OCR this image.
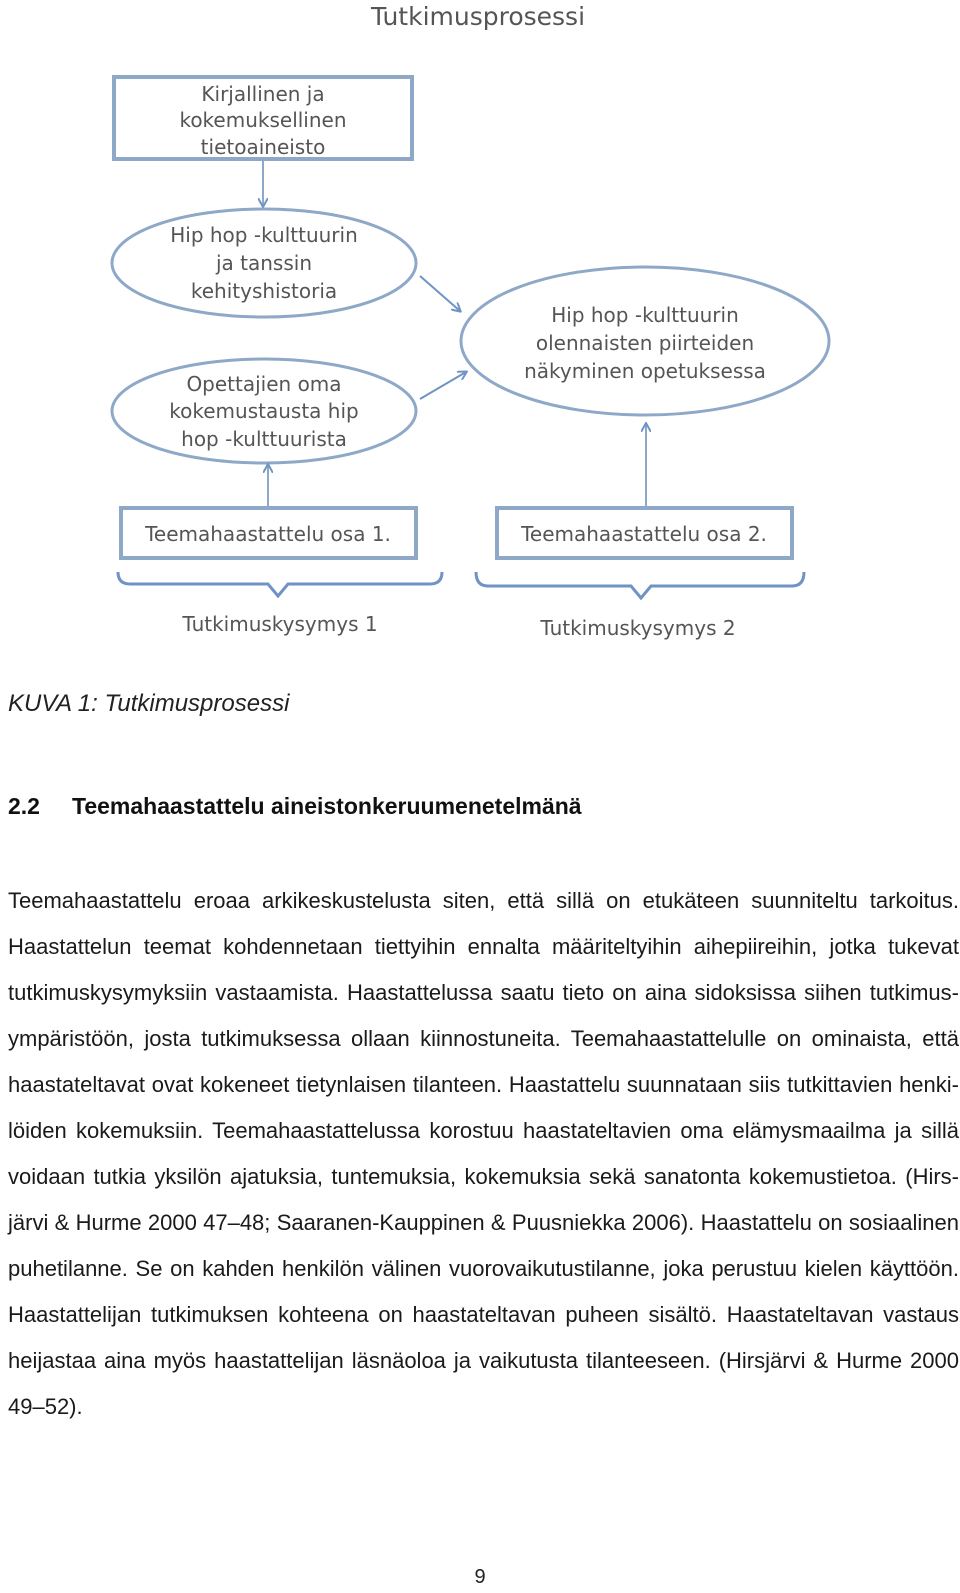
Tutkimusprosessi
Kirjallinen ja
kokemuksellinen
tietoaineisto
Hip hop -kulttuurin
ja tanssin
kehityshistoria
Opettajien oma
kokemustausta hip
hop -kulttuurista
Hip hop -kulttuurin
olennaisten piirteiden
näkyminen opetuksessa
Teemahaastattelu osa 1.	Teemahaastattelu osa 2.
Tutkimuskysymys 1	Tutkimuskysymys 2
KUVA 1: Tutkimusprosessi
2.2 Teemahaastattelu aineistonkeruumenetelmänä

Teemahaastattelu eroaa arkikeskustelusta siten, että sillä on etukäteen suunniteltu tarkoitus. Haastattelun teemat kohdennetaan tiettyihin ennalta määriteltyihin aihepiireihin, jotka tukevat tutkimuskysymyksiin vastaamista. Haastattelussa saatu tieto on aina sidoksissa siihen tutkimusympäristöön, josta tutkimuksessa ollaan kiinnostuneita. Teemahaastattelulle on ominaista, että haastateltavat ovat kokeneet tietynlaisen tilanteen. Haastattelu suunnataan siis tutkittavien henkilöiden kokemuksiin. Teemahaastattelussa korostuu haastateltavien oma elämysmaailma ja sillä voidaan tutkia yksilön ajatuksia, tuntemuksia, kokemuksia sekä sanatonta kokemustietoa. (Hirsjärvi & Hurme 2000 47–48; Saaranen-Kauppinen & Puusniekka 2006). Haastattelu on sosiaalinen puhetilanne. Se on kahden henkilön välinen vuorovaikutustilanne, joka perustuu kielen käyttöön. Haastattelijan tutkimuksen kohteena on haastateltavan puheen sisältö. Haastateltavan vastaus heijastaa aina myös haastattelijan läsnäoloa ja vaikutusta tilanteeseen. (Hirsjärvi & Hurme 2000 49–52).

9
